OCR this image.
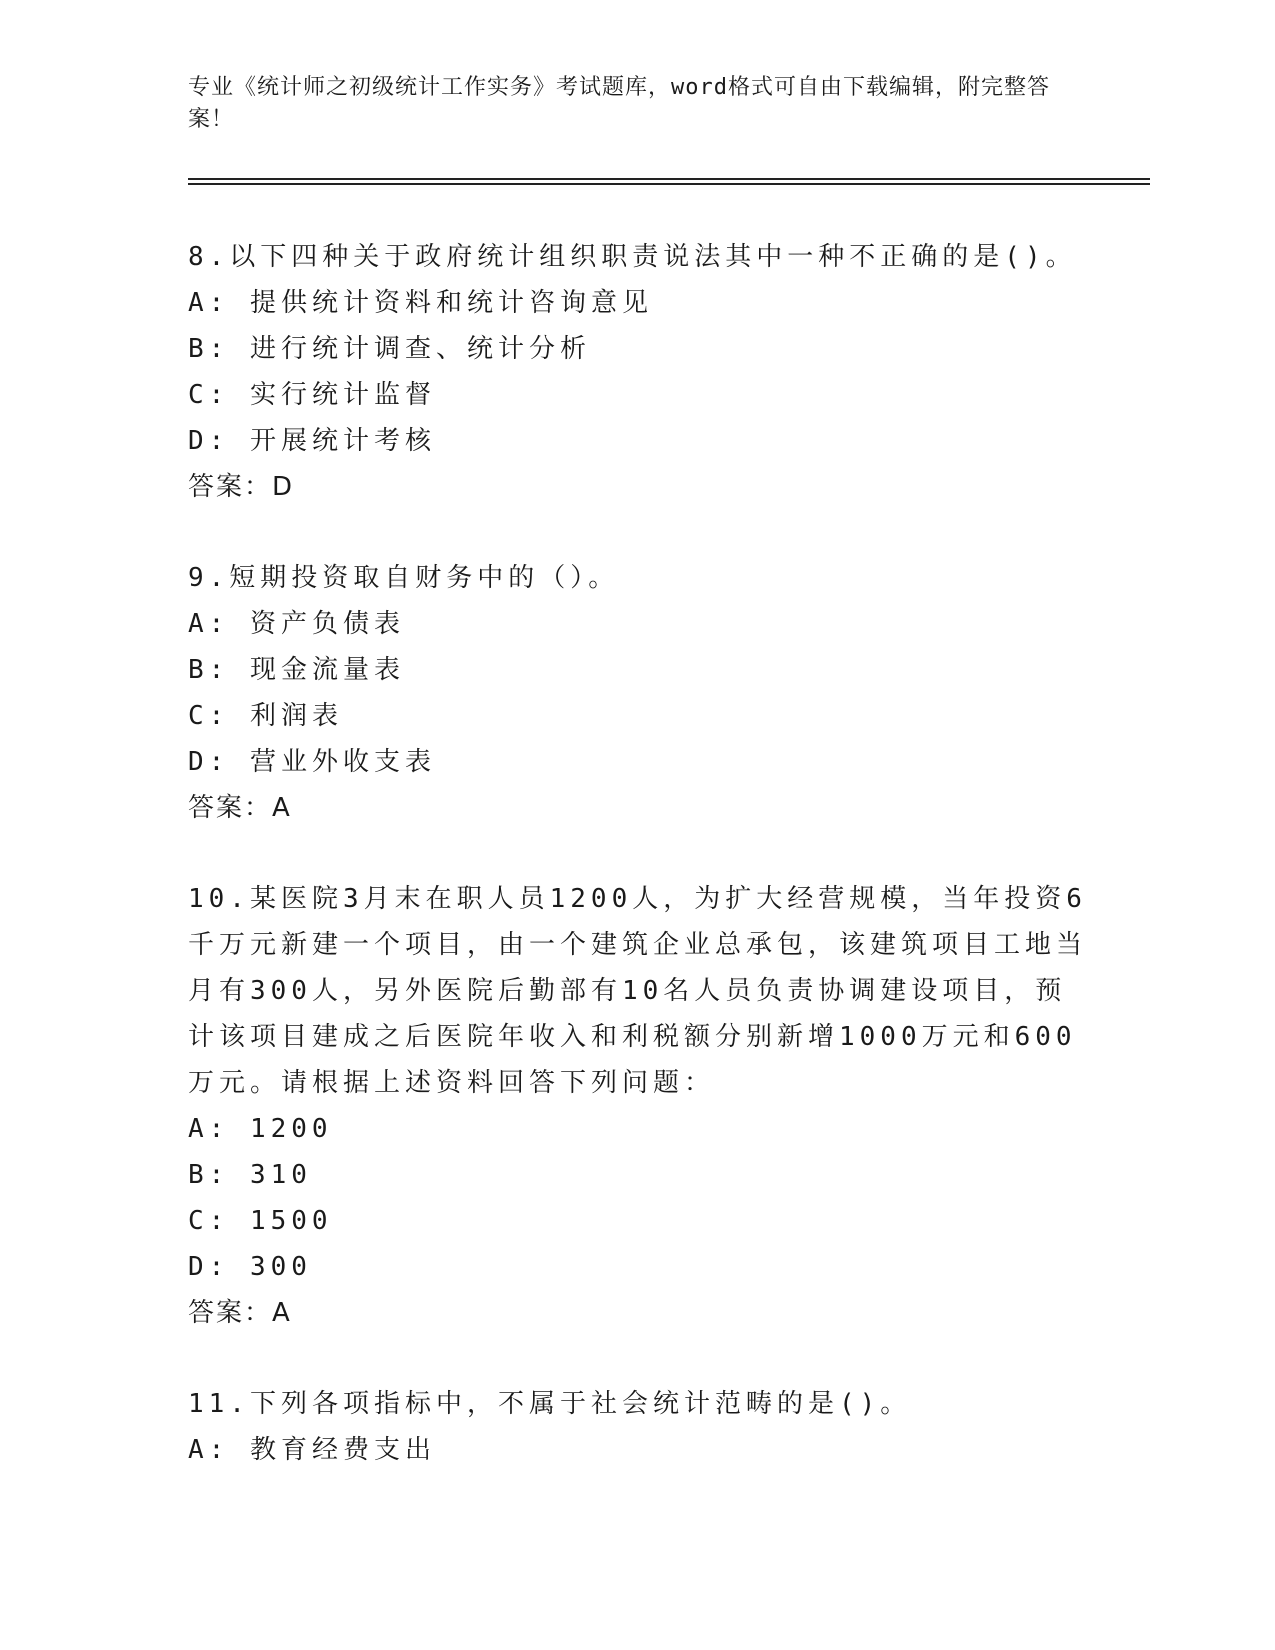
专业《统计师之初级统计工作实务》考试题库，word格式可自由下载编辑，附完整答案！

8.以下四种关于政府统计组织职责说法其中一种不正确的是()。

A: 提供统计资料和统计咨询意见

B: 进行统计调查、统计分析

C: 实行统计监督

D: 开展统计考核

答案：D

9.短期投资取自财务中的（）。

A: 资产负债表

B: 现金流量表

C: 利润表

D: 营业外收支表

答案：A

10.某医院3月末在职人员1200人，为扩大经营规模，当年投资6千万元新建一个项目，由一个建筑企业总承包，该建筑项目工地当月有300人，另外医院后勤部有10名人员负责协调建设项目，预计该项目建成之后医院年收入和利税额分别新增1000万元和600万元。请根据上述资料回答下列问题：

A: 1200

B: 310

C: 1500

D: 300

答案：A

11.下列各项指标中，不属于社会统计范畴的是()。

A: 教育经费支出
